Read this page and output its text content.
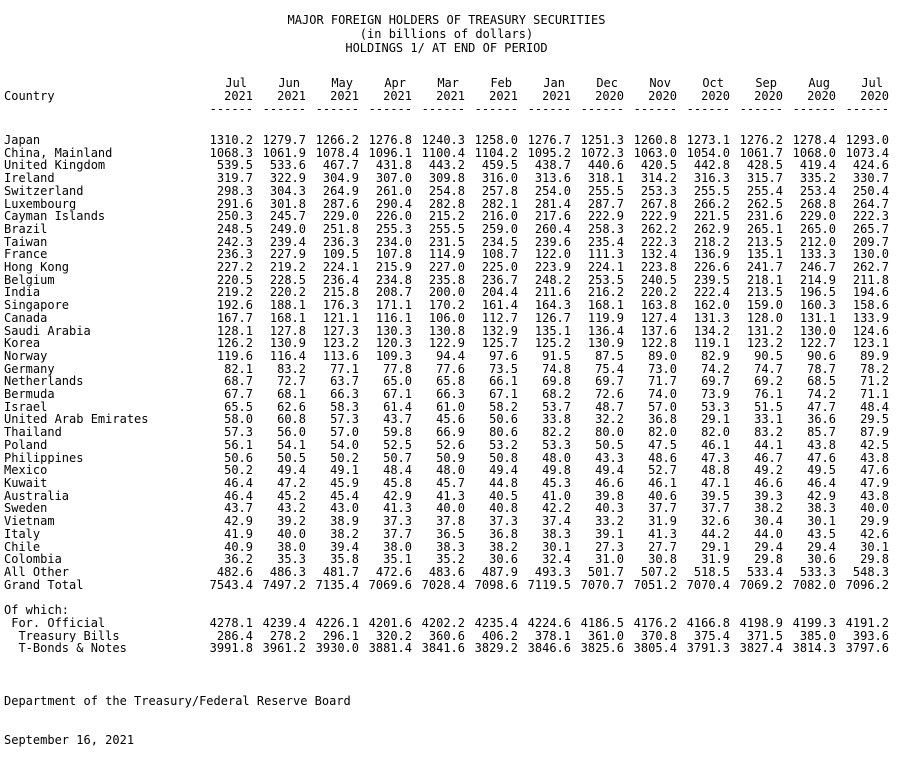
MAJOR FOREIGN HOLDERS OF TREASURY SECURITIES
(in billions of dollars)
HOLDINGS 1/ AT END OF PERIOD
Jul	Jun	May	Apr	Mar	Feb	Jan	Dec	Nov	Oct	Sep	Aug	Jul
Country	2021	2021	2021	2021	2021	2021	2021	2020	2020	2020	2020	2020	2020
------ ------ ------ ------ ------ ------ ------ ------ ------ ------ ------ ------ ------
Japan	1310.2 1279.7 1266.2 1276.8 1240.3 1258.0 1276.7 1251.3 1260.8 1273.1 1276.2 1278.4 1293.0
China, Mainland	1068.3 1061.9 1078.4 1096.1 1100.4 1104.2 1095.2 1072.3 1063.0 1054.0 1061.7 1068.0 1073.4
United Kingdom	539.5	533.6	467.7	431.8	443.2	459.5	438.7	440.6	420.5	442.8	428.5	419.4	424.6
Ireland	319.7	322.9	304.9	307.0	309.8	316.0	313.6	318.1	314.2	316.3	315.7	335.2	330.7
Switzerland	298.3	304.3	264.9	261.0	254.8	257.8	254.0	255.5	253.3	255.5	255.4	253.4	250.4
Luxembourg	291.6	301.8	287.6	290.4	282.8	282.1	281.4	287.7	267.8	266.2	262.5	268.8	264.7
Cayman Islands	250.3	245.7	229.0	226.0	215.2	216.0	217.6	222.9	222.9	221.5	231.6	229.0	222.3
Brazil	248.5	249.0	251.8	255.3	255.5	259.0	260.4	258.3	262.2	262.9	265.1	265.0	265.7
Taiwan	242.3	239.4	236.3	234.0	231.5	234.5	239.6	235.4	222.3	218.2	213.5	212.0	209.7
France	236.3	227.9	109.5	107.8	114.9	108.7	122.0	111.3	132.4	136.9	135.1	133.3	130.0
Hong Kong	227.2	219.2	224.1	215.9	227.0	225.0	223.9	224.1	223.8	226.6	241.7	246.7	262.7
Belgium	220.5	228.5	236.4	234.8	235.8	236.7	248.2	253.5	240.5	239.5	218.1	214.9	211.8
India	219.2	220.2	215.8	208.7	200.0	204.4	211.6	216.2	220.2	222.4	213.5	196.5	194.6
Singapore	192.6	188.1	176.3	171.1	170.2	161.4	164.3	168.1	163.8	162.0	159.0	160.3	158.6
Canada	167.7	168.1	121.1	116.1	106.0	112.7	126.7	119.9	127.4	131.3	128.0	131.1	133.9
Saudi Arabia	128.1	127.8	127.3	130.3	130.8	132.9	135.1	136.4	137.6	134.2	131.2	130.0	124.6
Korea	126.2	130.9	123.2	120.3	122.9	125.7	125.2	130.9	122.8	119.1	123.2	122.7	123.1
Norway	119.6	116.4	113.6	109.3	94.4	97.6	91.5	87.5	89.0	82.9	90.5	90.6	89.9
Germany	82.1	83.2	77.1	77.8	77.6	73.5	74.8	75.4	73.0	74.2	74.7	78.7	78.2
Netherlands	68.7	72.7	63.7	65.0	65.8	66.1	69.8	69.7	71.7	69.7	69.2	68.5	71.2
Bermuda	67.7	68.1	66.3	67.1	66.3	67.1	68.2	72.6	74.0	73.9	76.1	74.2	71.1
Israel	65.5	62.6	58.3	61.4	61.0	58.2	53.7	48.7	57.0	53.3	51.5	47.7	48.4
United Arab Emirates	58.0	60.8	57.3	43.7	45.6	50.6	33.8	32.2	36.8	29.1	33.1	36.6	29.5
Thailand	57.3	56.0	57.0	59.8	66.9	80.6	82.2	80.0	82.0	82.0	83.2	85.7	87.9
Poland	56.1	54.1	54.0	52.5	52.6	53.2	53.3	50.5	47.5	46.1	44.1	43.8	42.5
Philippines	50.6	50.5	50.2	50.7	50.9	50.8	48.0	43.3	48.6	47.3	46.7	47.6	43.8
Mexico	50.2	49.4	49.1	48.4	48.0	49.4	49.8	49.4	52.7	48.8	49.2	49.5	47.6
Kuwait	46.4	47.2	45.9	45.8	45.7	44.8	45.3	46.6	46.1	47.1	46.6	46.4	47.9
Australia	46.4	45.2	45.4	42.9	41.3	40.5	41.0	39.8	40.6	39.5	39.3	42.9	43.8
Sweden	43.7	43.2	43.0	41.3	40.0	40.8	42.2	40.3	37.7	37.7	38.2	38.3	40.0
Vietnam	42.9	39.2	38.9	37.3	37.8	37.3	37.4	33.2	31.9	32.6	30.4	30.1	29.9
Italy	41.9	40.0	38.2	37.7	36.5	36.8	38.3	39.1	41.3	44.2	44.0	43.5	42.6
Chile	40.9	38.0	39.4	38.0	38.3	38.2	30.1	27.3	27.7	29.1	29.4	29.4	30.1
Colombia	36.2	35.3	35.8	35.1	35.2	30.6	32.4	31.0	30.8	31.9	29.8	30.6	29.8
All Other	482.6	486.3	481.7	472.6	483.6	487.9	493.3	501.7	507.2	518.5	533.4	533.3	548.3
Grand Total	7543.4 7497.2 7135.4 7069.6 7028.4 7098.6 7119.5 7070.7 7051.2 7070.4 7069.2 7082.0 7096.2
Of which:
For. Official	4278.1 4239.4 4226.1 4201.6 4202.2 4235.4 4224.6 4186.5 4176.2 4166.8 4198.9 4199.3 4191.2
Treasury Bills	286.4	278.2	296.1	320.2	360.6	406.2	378.1	361.0	370.8	375.4	371.5	385.0	393.6
T-Bonds & Notes	3991.8 3961.2 3930.0 3881.4 3841.6 3829.2 3846.6 3825.6 3805.4 3791.3 3827.4 3814.3 3797.6

Department of the Treasury/Federal Reserve Board

September 16, 2021
